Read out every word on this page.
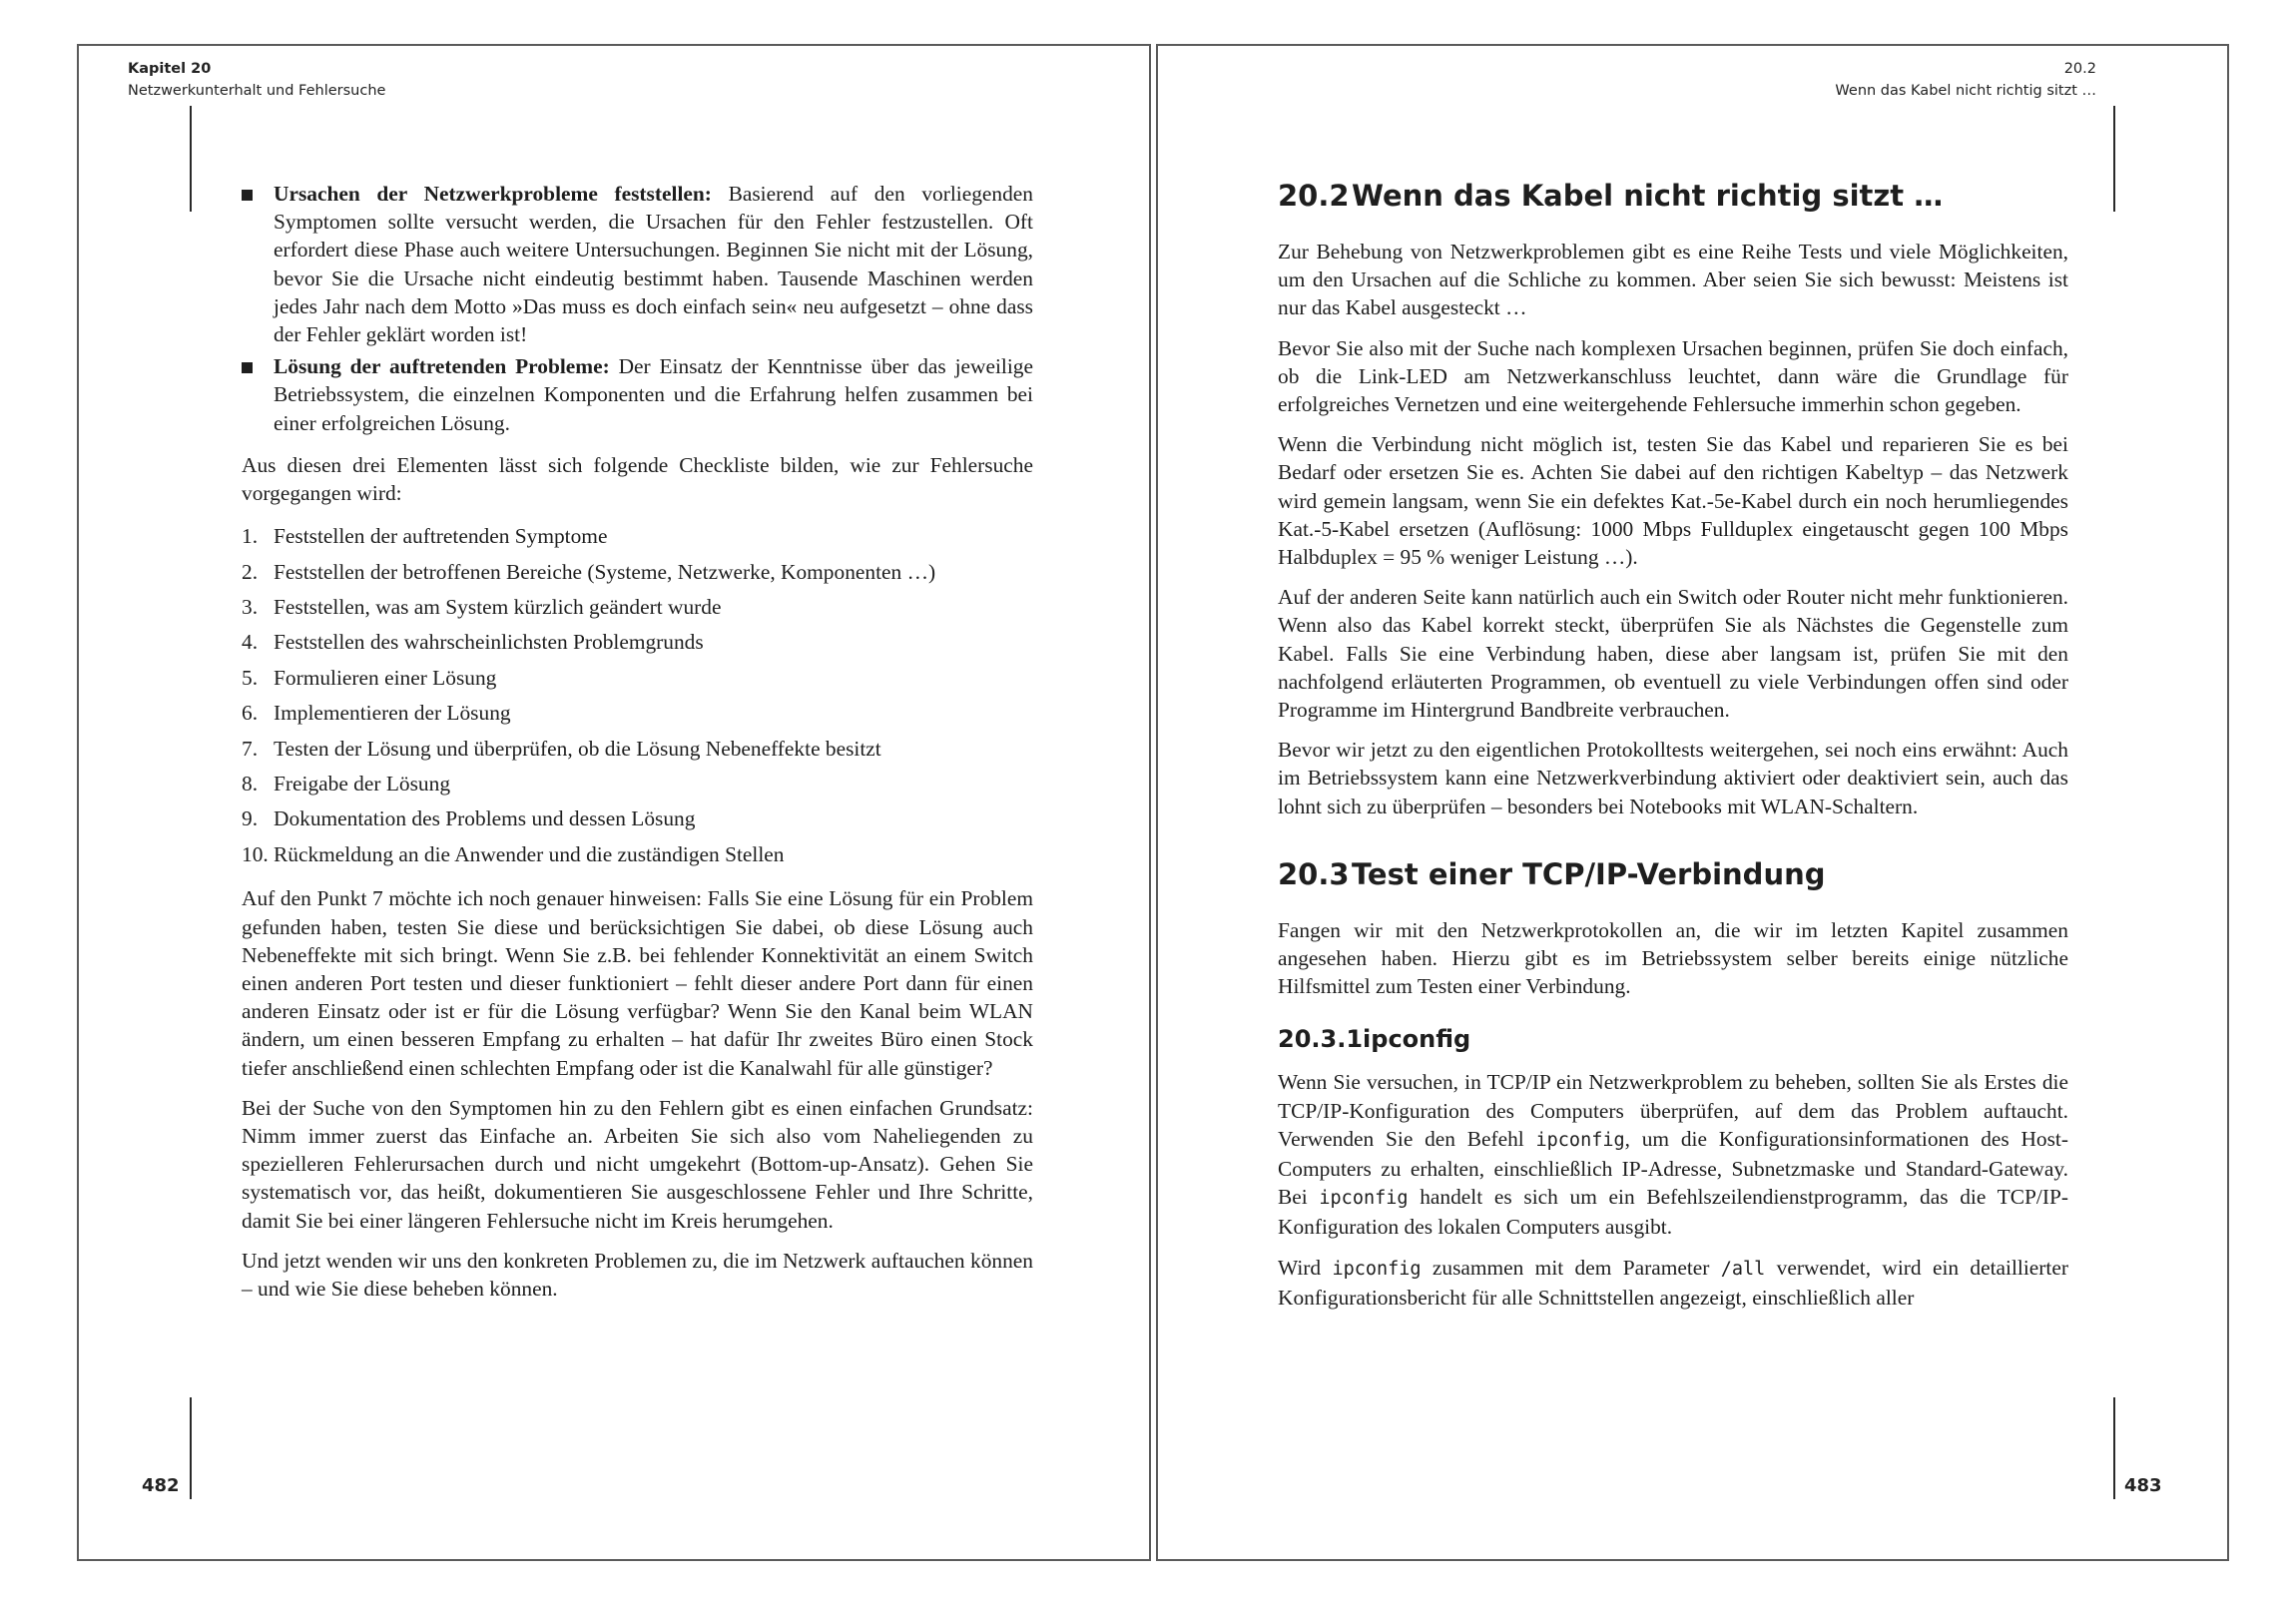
Kapitel 20
Netzwerkunterhalt und Fehlersuche
20.2
Wenn das Kabel nicht richtig sitzt …
482	483
Ursachen der Netzwerkprobleme feststellen: Basierend auf den vorliegenden Symptomen sollte versucht werden, die Ursachen für den Fehler festzustellen. Oft erfordert diese Phase auch weitere Untersuchungen. Beginnen Sie nicht mit der Lösung, bevor Sie die Ursache nicht eindeutig bestimmt haben. Tausende Maschinen werden jedes Jahr nach dem Motto »Das muss es doch einfach sein« neu aufgesetzt – ohne dass der Fehler geklärt worden ist!
Lösung der auftretenden Probleme: Der Einsatz der Kenntnisse über das jeweilige Betriebssystem, die einzelnen Komponenten und die Erfahrung helfen zusammen bei einer erfolgreichen Lösung.

Aus diesen drei Elementen lässt sich folgende Checkliste bilden, wie zur Fehlersuche vorgegangen wird:

1. Feststellen der auftretenden Symptome
2. Feststellen der betroffenen Bereiche (Systeme, Netzwerke, Komponenten …)
3. Feststellen, was am System kürzlich geändert wurde
4. Feststellen des wahrscheinlichsten Problemgrunds
5. Formulieren einer Lösung
6. Implementieren der Lösung
7. Testen der Lösung und überprüfen, ob die Lösung Nebeneffekte besitzt
8. Freigabe der Lösung
9. Dokumentation des Problems und dessen Lösung
10. Rückmeldung an die Anwender und die zuständigen Stellen

Auf den Punkt 7 möchte ich noch genauer hinweisen: Falls Sie eine Lösung für ein Problem gefunden haben, testen Sie diese und berücksichtigen Sie dabei, ob diese Lösung auch Nebeneffekte mit sich bringt. Wenn Sie z.B. bei fehlender Konnektivität an einem Switch einen anderen Port testen und dieser funktioniert – fehlt dieser andere Port dann für einen anderen Einsatz oder ist er für die Lösung verfügbar? Wenn Sie den Kanal beim WLAN ändern, um einen besseren Empfang zu erhalten – hat dafür Ihr zweites Büro einen Stock tiefer anschließend einen schlechten Empfang oder ist die Kanalwahl für alle günstiger?

Bei der Suche von den Symptomen hin zu den Fehlern gibt es einen einfachen Grundsatz: Nimm immer zuerst das Einfache an. Arbeiten Sie sich also vom Naheliegenden zu spezielleren Fehlerursachen durch und nicht umgekehrt (Bottom-up-Ansatz). Gehen Sie systematisch vor, das heißt, dokumentieren Sie ausgeschlossene Fehler und Ihre Schritte, damit Sie bei einer längeren Fehlersuche nicht im Kreis herumgehen.

Und jetzt wenden wir uns den konkreten Problemen zu, die im Netzwerk auftauchen können – und wie Sie diese beheben können.

20.2Wenn das Kabel nicht richtig sitzt …

Zur Behebung von Netzwerkproblemen gibt es eine Reihe Tests und viele Möglichkeiten, um den Ursachen auf die Schliche zu kommen. Aber seien Sie sich bewusst: Meistens ist nur das Kabel ausgesteckt …

Bevor Sie also mit der Suche nach komplexen Ursachen beginnen, prüfen Sie doch einfach, ob die Link-LED am Netzwerkanschluss leuchtet, dann wäre die Grundlage für erfolgreiches Vernetzen und eine weitergehende Fehlersuche immerhin schon gegeben.

Wenn die Verbindung nicht möglich ist, testen Sie das Kabel und reparieren Sie es bei Bedarf oder ersetzen Sie es. Achten Sie dabei auf den richtigen Kabeltyp – das Netzwerk wird gemein langsam, wenn Sie ein defektes Kat.-5e-Kabel durch ein noch herumliegendes Kat.-5-Kabel ersetzen (Auflösung: 1000 Mbps Fullduplex eingetauscht gegen 100 Mbps Halbduplex = 95 % weniger Leistung …).

Auf der anderen Seite kann natürlich auch ein Switch oder Router nicht mehr funktionieren. Wenn also das Kabel korrekt steckt, überprüfen Sie als Nächstes die Gegenstelle zum Kabel. Falls Sie eine Verbindung haben, diese aber langsam ist, prüfen Sie mit den nachfolgend erläuterten Programmen, ob eventuell zu viele Verbindungen offen sind oder Programme im Hintergrund Bandbreite verbrauchen.

Bevor wir jetzt zu den eigentlichen Protokolltests weitergehen, sei noch eins erwähnt: Auch im Betriebssystem kann eine Netzwerkverbindung aktiviert oder deaktiviert sein, auch das lohnt sich zu überprüfen – besonders bei Notebooks mit WLAN-Schaltern.

20.3Test einer TCP/IP-Verbindung

Fangen wir mit den Netzwerkprotokollen an, die wir im letzten Kapitel zusammen angesehen haben. Hierzu gibt es im Betriebssystem selber bereits einige nützliche Hilfsmittel zum Testen einer Verbindung.

20.3.1ipconfig

Wenn Sie versuchen, in TCP/IP ein Netzwerkproblem zu beheben, sollten Sie als Erstes die TCP/IP-Konfiguration des Computers überprüfen, auf dem das Problem auftaucht. Verwenden Sie den Befehl ipconfig, um die Konfigurationsinformationen des Host-Computers zu erhalten, einschließlich IP-Adresse, Subnetzmaske und Standard-Gateway. Bei ipconfig handelt es sich um ein Befehlszeilendienstprogramm, das die TCP/IP-Konfiguration des lokalen Computers ausgibt.

Wird ipconfig zusammen mit dem Parameter /all verwendet, wird ein detaillierter Konfigurationsbericht für alle Schnittstellen angezeigt, einschließlich aller
